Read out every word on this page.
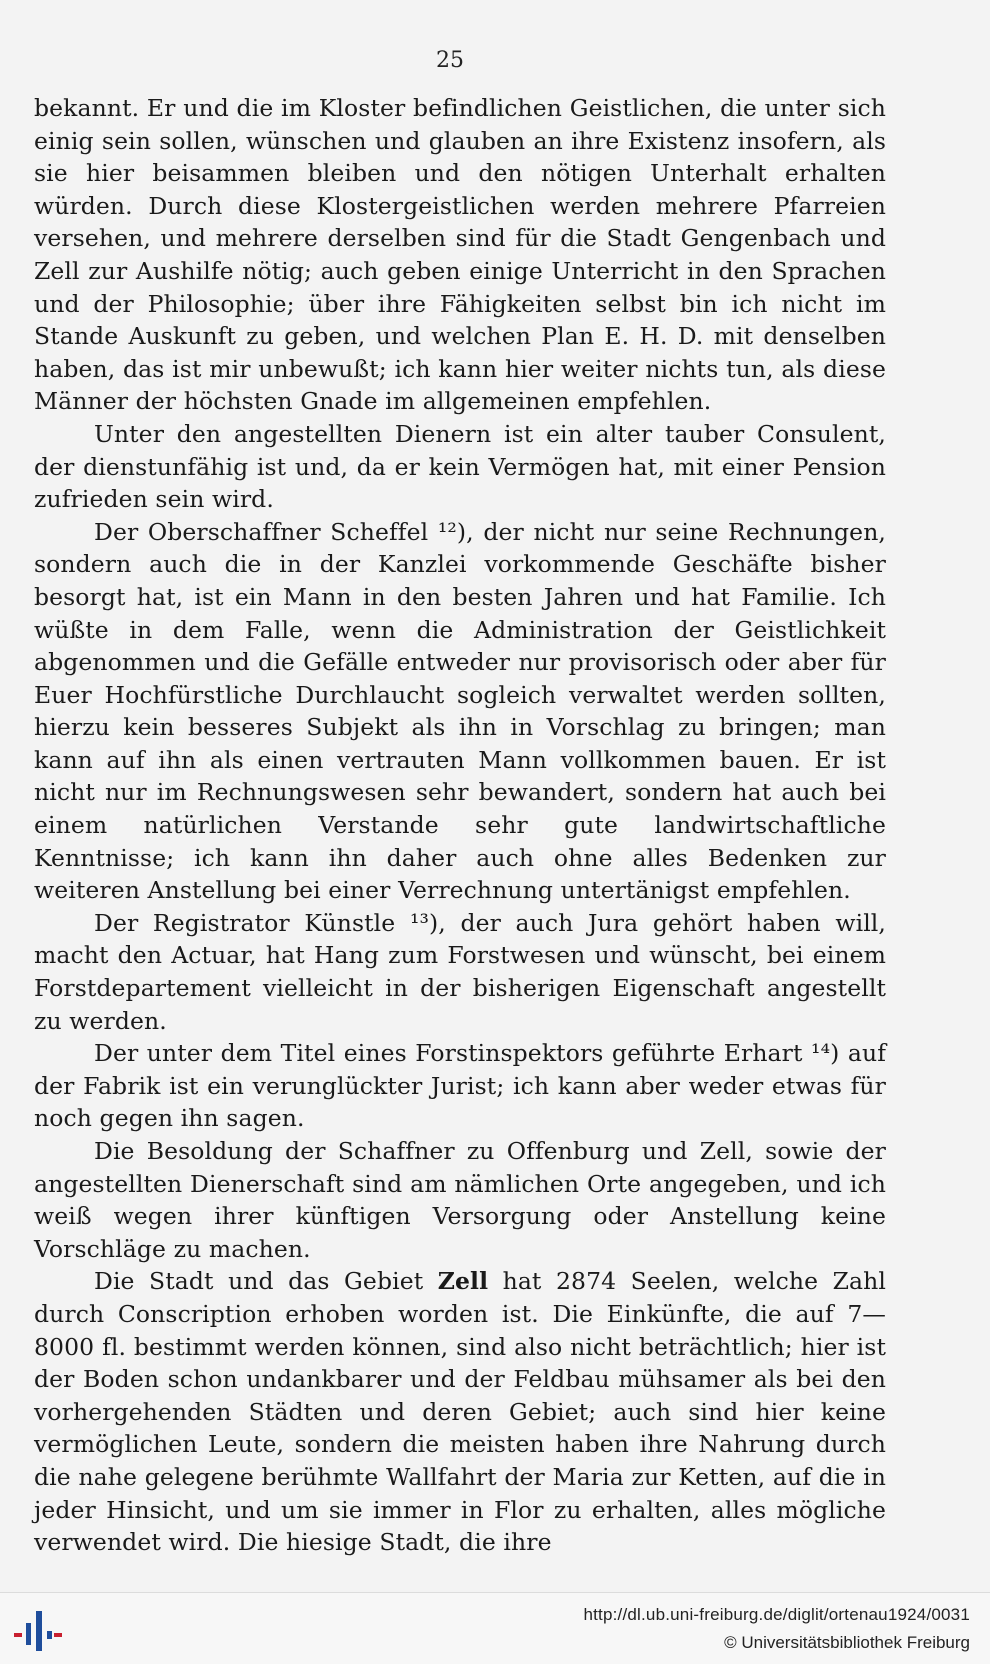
25

bekannt. Er und die im Kloster befindlichen Geistlichen, die unter sich einig sein sollen, wünschen und glauben an ihre Existenz insofern, als sie hier beisammen bleiben und den nötigen Unterhalt erhalten würden. Durch diese Klostergeistlichen werden mehrere Pfarreien versehen, und mehrere derselben sind für die Stadt Gengenbach und Zell zur Aushilfe nötig; auch geben einige Unterricht in den Sprachen und der Philosophie; über ihre Fähigkeiten selbst bin ich nicht im Stande Auskunft zu geben, und welchen Plan E. H. D. mit denselben haben, das ist mir unbewußt; ich kann hier weiter nichts tun, als diese Männer der höchsten Gnade im allgemeinen empfehlen.

Unter den angestellten Dienern ist ein alter tauber Consulent, der dienstunfähig ist und, da er kein Vermögen hat, mit einer Pension zufrieden sein wird.

Der Oberschaffner Scheffel ¹²), der nicht nur seine Rechnungen, sondern auch die in der Kanzlei vorkommende Geschäfte bisher besorgt hat, ist ein Mann in den besten Jahren und hat Familie. Ich wüßte in dem Falle, wenn die Administration der Geistlichkeit abgenommen und die Gefälle entweder nur provisorisch oder aber für Euer Hochfürstliche Durchlaucht sogleich verwaltet werden sollten, hierzu kein besseres Subjekt als ihn in Vorschlag zu bringen; man kann auf ihn als einen vertrauten Mann vollkommen bauen. Er ist nicht nur im Rechnungswesen sehr bewandert, sondern hat auch bei einem natürlichen Verstande sehr gute landwirtschaftliche Kenntnisse; ich kann ihn daher auch ohne alles Bedenken zur weiteren Anstellung bei einer Verrechnung untertänigst empfehlen.

Der Registrator Künstle ¹³), der auch Jura gehört haben will, macht den Actuar, hat Hang zum Forstwesen und wünscht, bei einem Forstdepartement vielleicht in der bisherigen Eigenschaft angestellt zu werden.

Der unter dem Titel eines Forstinspektors geführte Erhart ¹⁴) auf der Fabrik ist ein verunglückter Jurist; ich kann aber weder etwas für noch gegen ihn sagen.

Die Besoldung der Schaffner zu Offenburg und Zell, sowie der angestellten Dienerschaft sind am nämlichen Orte angegeben, und ich weiß wegen ihrer künftigen Versorgung oder Anstellung keine Vorschläge zu machen.

Die Stadt und das Gebiet Zell hat 2874 Seelen, welche Zahl durch Conscription erhoben worden ist. Die Einkünfte, die auf 7—8000 fl. bestimmt werden können, sind also nicht beträchtlich; hier ist der Boden schon undankbarer und der Feldbau mühsamer als bei den vorhergehenden Städten und deren Gebiet; auch sind hier keine vermöglichen Leute, sondern die meisten haben ihre Nahrung durch die nahe gelegene berühmte Wallfahrt der Maria zur Ketten, auf die in jeder Hinsicht, und um sie immer in Flor zu erhalten, alles mögliche verwendet wird. Die hiesige Stadt, die ihre

http://dl.ub.uni-freiburg.de/diglit/ortenau1924/0031
© Universitätsbibliothek Freiburg
